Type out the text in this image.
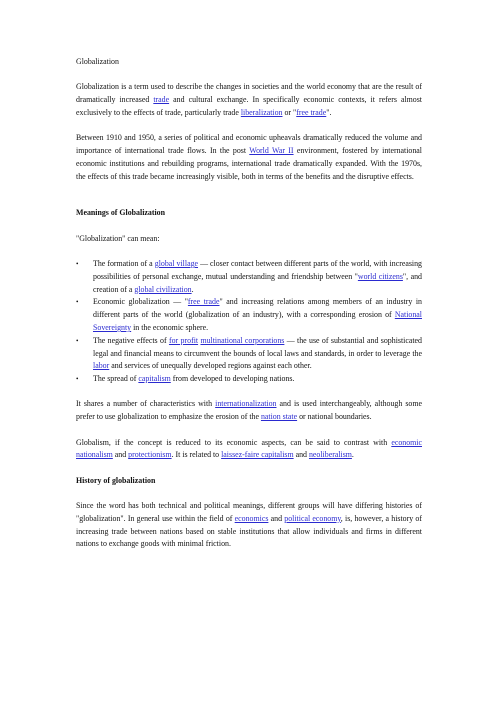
Globalization

Globalization is a term used to describe the changes in societies and the world economy that are the result of dramatically increased trade and cultural exchange. In specifically economic contexts, it refers almost exclusively to the effects of trade, particularly trade liberalization or "free trade".

Between 1910 and 1950, a series of political and economic upheavals dramatically reduced the volume and importance of international trade flows. In the post World War II environment, fostered by international economic institutions and rebuilding programs, international trade dramatically expanded. With the 1970s, the effects of this trade became increasingly visible, both in terms of the benefits and the disruptive effects.

Meanings of Globalization

"Globalization" can mean:

• The formation of a global village — closer contact between different parts of the world, with increasing possibilities of personal exchange, mutual understanding and friendship between "world citizens", and creation of a global civilization.
• Economic globalization — "free trade" and increasing relations among members of an industry in different parts of the world (globalization of an industry), with a corresponding erosion of National Sovereignty in the economic sphere.
• The negative effects of for profit multinational corporations — the use of substantial and sophisticated legal and financial means to circumvent the bounds of local laws and standards, in order to leverage the labor and services of unequally developed regions against each other.
• The spread of capitalism from developed to developing nations.

It shares a number of characteristics with internationalization and is used interchangeably, although some prefer to use globalization to emphasize the erosion of the nation state or national boundaries.

Globalism, if the concept is reduced to its economic aspects, can be said to contrast with economic nationalism and protectionism. It is related to laissez-faire capitalism and neoliberalism.

History of globalization

Since the word has both technical and political meanings, different groups will have differing histories of "globalization". In general use within the field of economics and political economy, is, however, a history of increasing trade between nations based on stable institutions that allow individuals and firms in different nations to exchange goods with minimal friction.
